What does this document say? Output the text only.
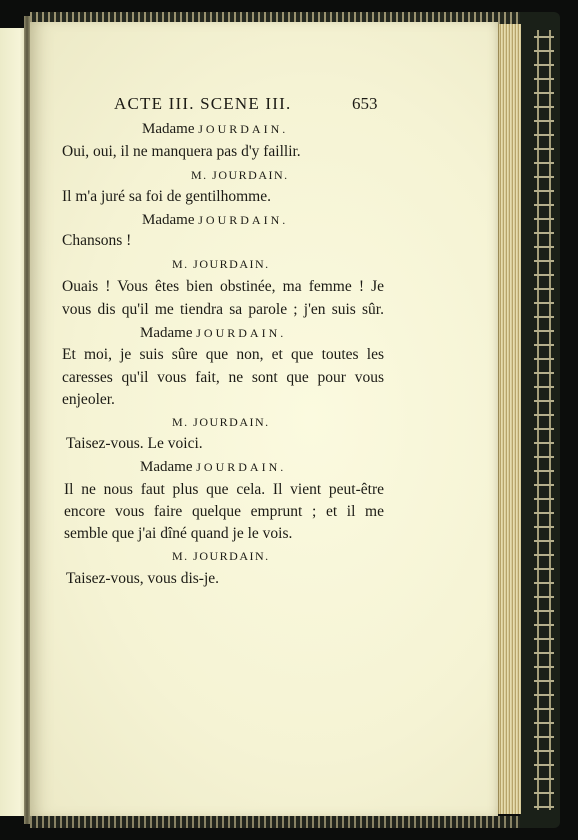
ACTE III. SCENE III.	653
Madame JOURDAIN.
Oui, oui, il ne manquera pas d'y faillir.
M. JOURDAIN.
Il m'a juré sa foi de gentilhomme.
Madame JOURDAIN.
Chansons !
M. JOURDAIN.
Ouais ! Vous êtes bien obstinée, ma femme ! Je
vous dis qu'il me tiendra sa parole ; j'en suis sûr.
Madame JOURDAIN.
Et moi, je suis sûre que non, et que toutes les
caresses qu'il vous fait, ne sont que pour vous
enjeoler.
M. JOURDAIN.
Taisez-vous. Le voici.
Madame JOURDAIN.
Il ne nous faut plus que cela. Il vient peut-être
encore vous faire quelque emprunt ; et il me
semble que j'ai dîné quand je le vois.
M. JOURDAIN.
Taisez-vous, vous dis-je.
